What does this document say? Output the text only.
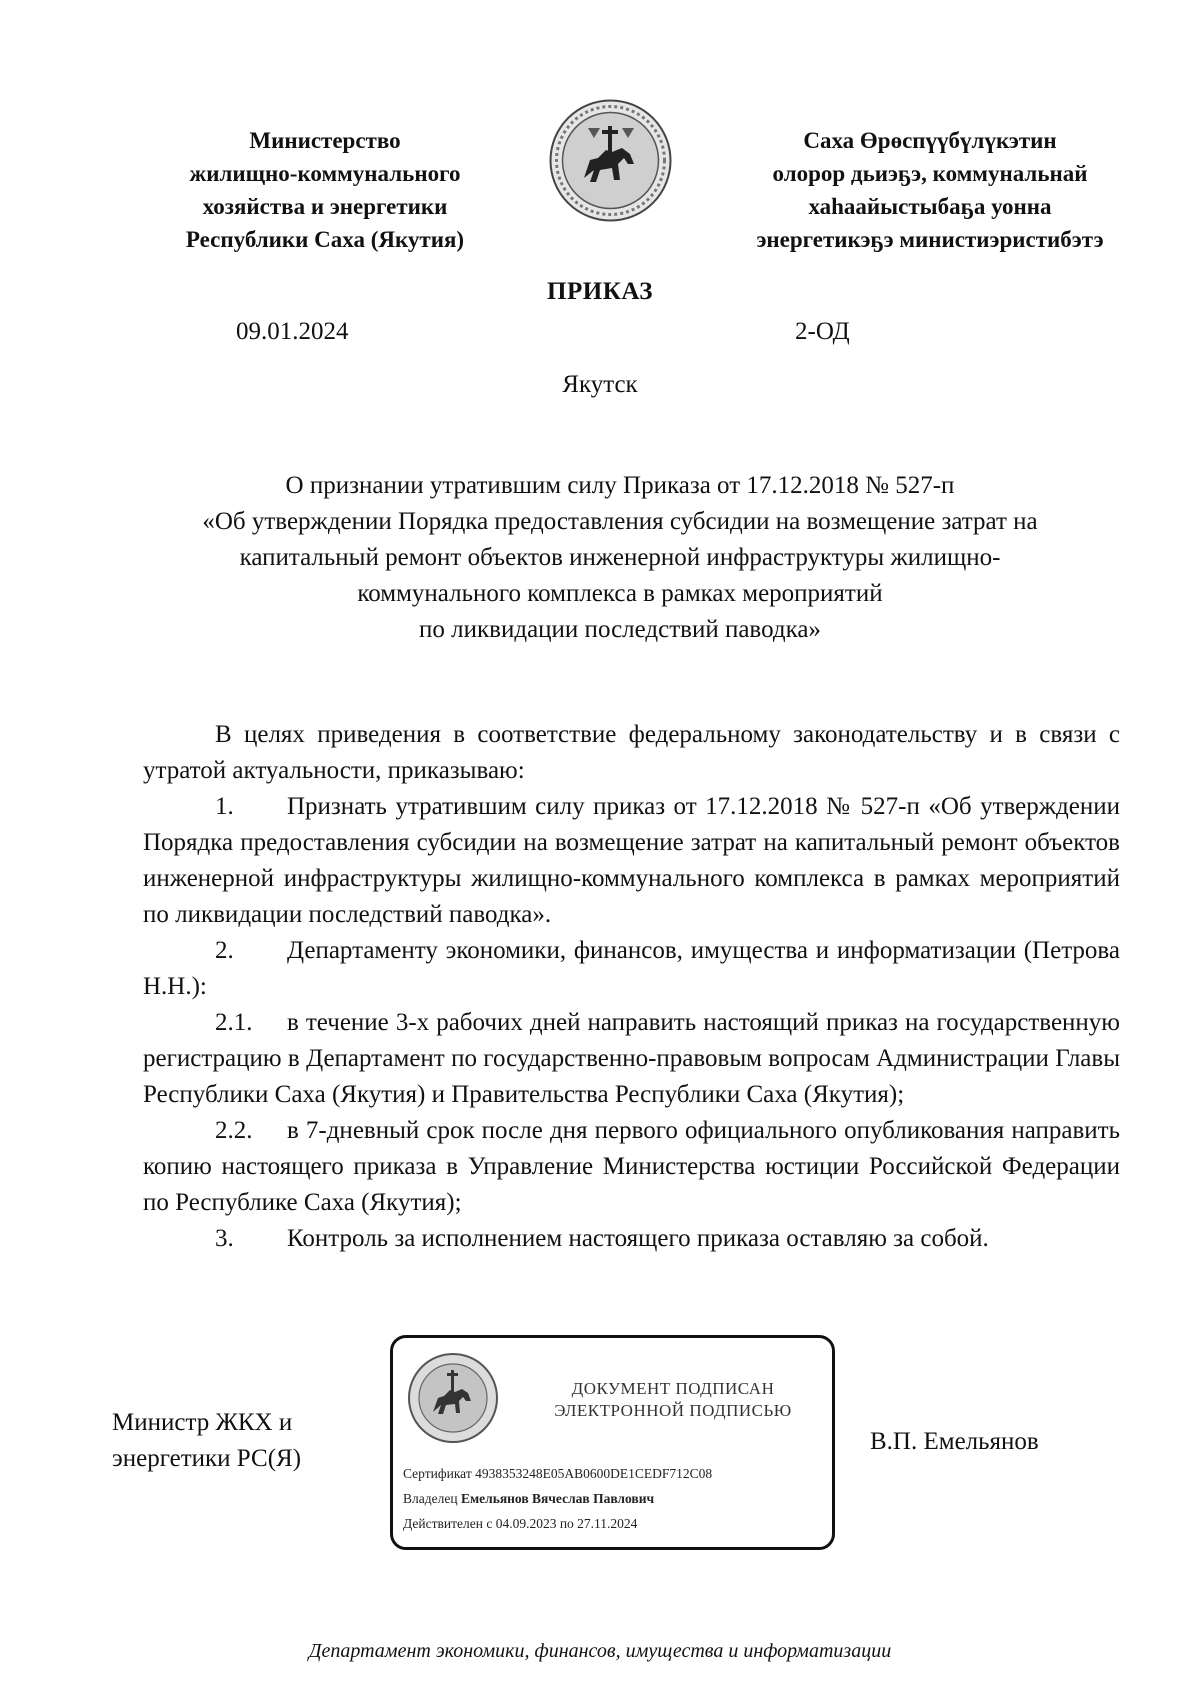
Министерство
жилищно-коммунального
хозяйства и энергетики
Республики Саха (Якутия)
Саха Өрөспүүбүлүкэтин
олорор дьиэҕэ, коммунальнай
хаһаайыстыбаҕа уонна
энергетикэҕэ министиэристибэтэ
ПРИКАЗ
09.01.2024	2-ОД
Якутск
О признании утратившим силу Приказа от 17.12.2018 № 527-п
«Об утверждении Порядка предоставления субсидии на возмещение затрат на
капитальный ремонт объектов инженерной инфраструктуры жилищно-
коммунального комплекса в рамках мероприятий
по ликвидации последствий паводка»
В целях приведения в соответствие федеральному законодательству и в связи с утратой актуальности, приказываю:
1. Признать утратившим силу приказ от 17.12.2018 № 527-п «Об утверждении Порядка предоставления субсидии на возмещение затрат на капитальный ремонт объектов инженерной инфраструктуры жилищно-коммунального комплекса в рамках мероприятий по ликвидации последствий паводка».
2. Департаменту экономики, финансов, имущества и информатизации (Петрова Н.Н.):
2.1. в течение 3-х рабочих дней направить настоящий приказ на государственную регистрацию в Департамент по государственно-правовым вопросам Администрации Главы Республики Саха (Якутия) и Правительства Республики Саха (Якутия);
2.2. в 7-дневный срок после дня первого официального опубликования направить копию настоящего приказа в Управление Министерства юстиции Российской Федерации по Республике Саха (Якутия);
3. Контроль за исполнением настоящего приказа оставляю за собой.
Министр ЖКХ и
энергетики РС(Я)
ДОКУМЕНТ ПОДПИСАН
ЭЛЕКТРОННОЙ ПОДПИСЬЮ
Сертификат 4938353248E05AB0600DE1CEDF712C08
Владелец Емельянов Вячеслав Павлович
Действителен с 04.09.2023 по 27.11.2024
В.П. Емельянов
Департамент экономики, финансов, имущества и информатизации
